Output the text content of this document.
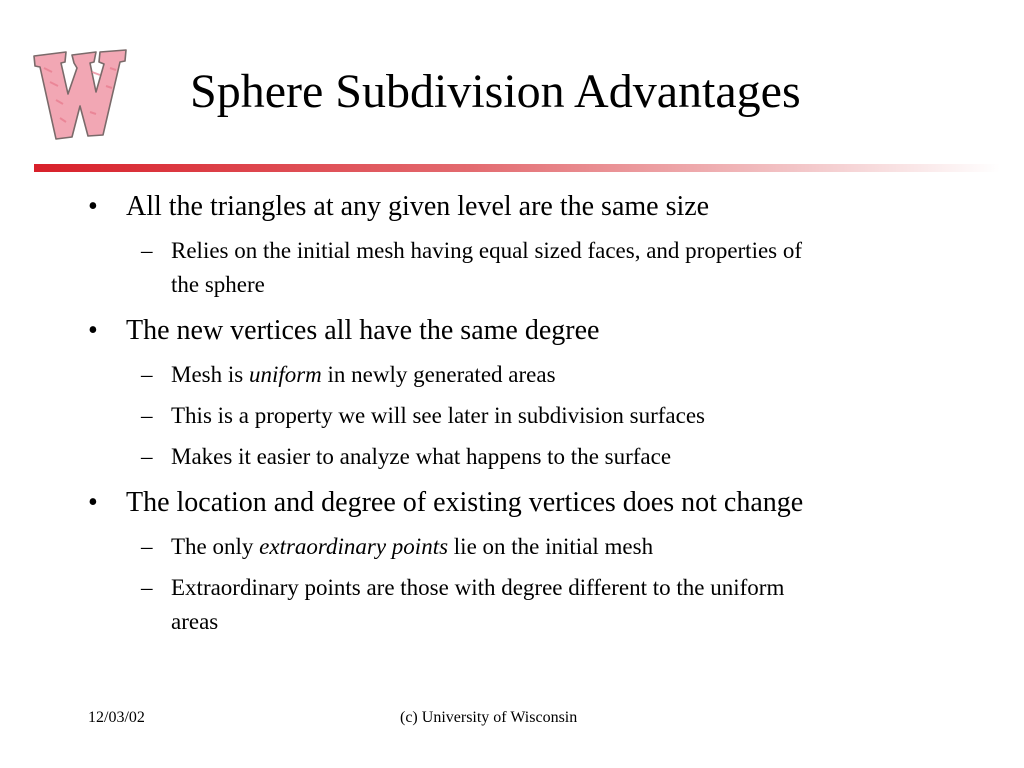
Sphere Subdivision Advantages
• All the triangles at any given level are the same size
– Relies on the initial mesh having equal sized faces, and properties of
the sphere
• The new vertices all have the same degree
– Mesh is uniform in newly generated areas
– This is a property we will see later in subdivision surfaces
– Makes it easier to analyze what happens to the surface
• The location and degree of existing vertices does not change
– The only extraordinary points lie on the initial mesh
– Extraordinary points are those with degree different to the uniform
areas
12/03/02	(c) University of Wisconsin
